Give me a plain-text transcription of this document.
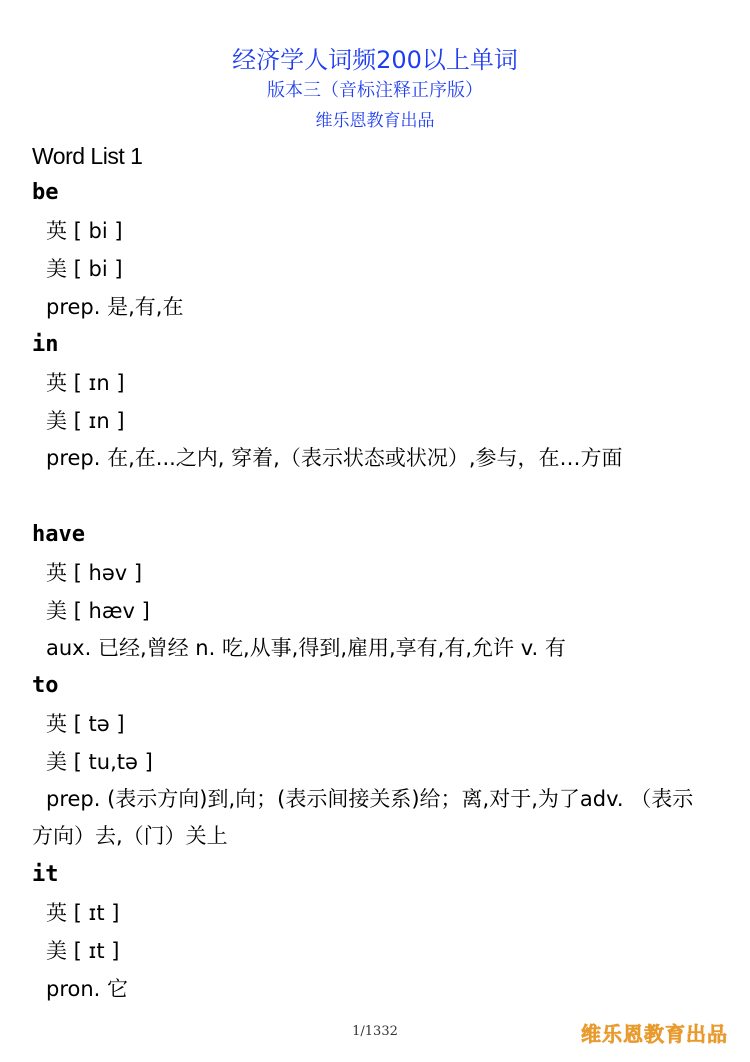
经济学人词频200以上单词
版本三（音标注释正序版）
维乐恩教育出品
Word List 1
be
英 [ bi ]
美 [ bi ]
prep. 是,有,在
in
英 [ ɪn ]
美 [ ɪn ]
prep. 在,在...之内, 穿着,（表示状态或状况）,参与，在…方面
have
英 [ həv ]
美 [ hæv ]
aux. 已经,曾经 n. 吃,从事,得到,雇用,享有,有,允许 v. 有
to
英 [ tə ]
美 [ tu,tə ]
prep. (表示方向)到,向；(表示间接关系)给；离,对于,为了adv. （表示方向）去,（门）关上
it
英 [ ɪt ]
美 [ ɪt ]
pron. 它
1/1332	维乐恩教育出品
